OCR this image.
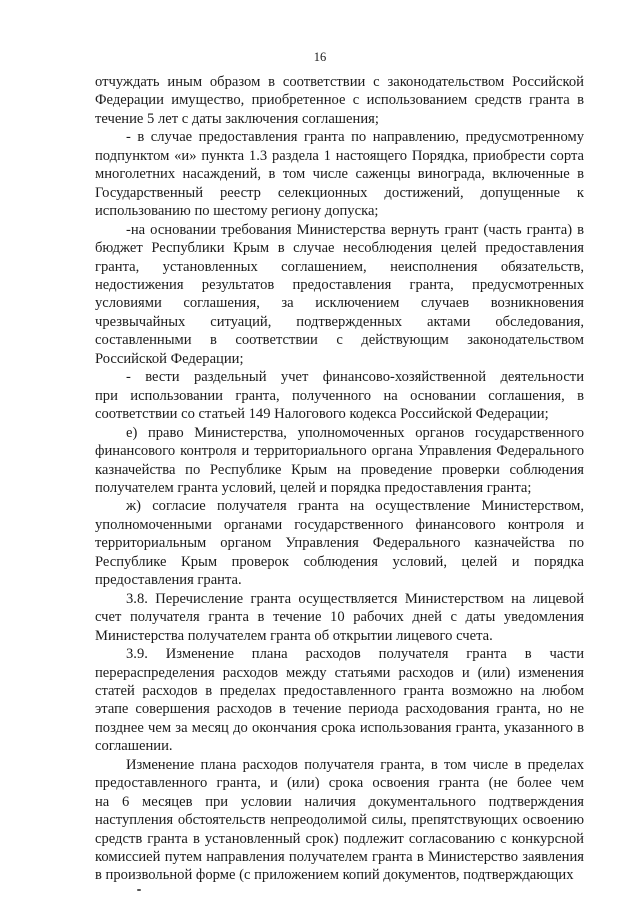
16
отчуждать иным образом в соответствии с законодательством Российской
Федерации имущество, приобретенное с использованием средств гранта в
течение 5 лет с даты заключения соглашения;
- в случае предоставления гранта по направлению, предусмотренному
подпунктом «и» пункта 1.3 раздела 1 настоящего Порядка, приобрести сорта
многолетних насаждений, в том числе саженцы винограда, включенные в
Государственный реестр селекционных достижений, допущенные к
использованию по шестому региону допуска;
-на основании требования Министерства вернуть грант (часть гранта) в
бюджет Республики Крым в случае несоблюдения целей предоставления
гранта, установленных соглашением, неисполнения обязательств,
недостижения результатов предоставления гранта, предусмотренных
условиями соглашения, за исключением случаев возникновения
чрезвычайных ситуаций, подтвержденных актами обследования,
составленными в соответствии с действующим законодательством
Российской Федерации;
- вести раздельный учет финансово-хозяйственной деятельности
при использовании гранта, полученного на основании соглашения, в
соответствии со статьей 149 Налогового кодекса Российской Федерации;
е) право Министерства, уполномоченных органов государственного
финансового контроля и территориального органа Управления Федерального
казначейства по Республике Крым на проведение проверки соблюдения
получателем гранта условий, целей и порядка предоставления гранта;
ж) согласие получателя гранта на осуществление Министерством,
уполномоченными органами государственного финансового контроля и
территориальным органом Управления Федерального казначейства по
Республике Крым проверок соблюдения условий, целей и порядка
предоставления гранта.
3.8. Перечисление гранта осуществляется Министерством на лицевой
счет получателя гранта в течение 10 рабочих дней с даты уведомления
Министерства получателем гранта об открытии лицевого счета.
3.9. Изменение плана расходов получателя гранта в части
перераспределения расходов между статьями расходов и (или) изменения
статей расходов в пределах предоставленного гранта возможно на любом
этапе совершения расходов в течение периода расходования гранта, но не
позднее чем за месяц до окончания срока использования гранта, указанного в
соглашении.
Изменение плана расходов получателя гранта, в том числе в пределах
предоставленного гранта, и (или) срока освоения гранта (не более чем
на 6 месяцев при условии наличия документального подтверждения
наступления обстоятельств непреодолимой силы, препятствующих освоению
средств гранта в установленный срок) подлежит согласованию с конкурсной
комиссией путем направления получателем гранта в Министерство заявления
в произвольной форме (с приложением копий документов, подтверждающих
